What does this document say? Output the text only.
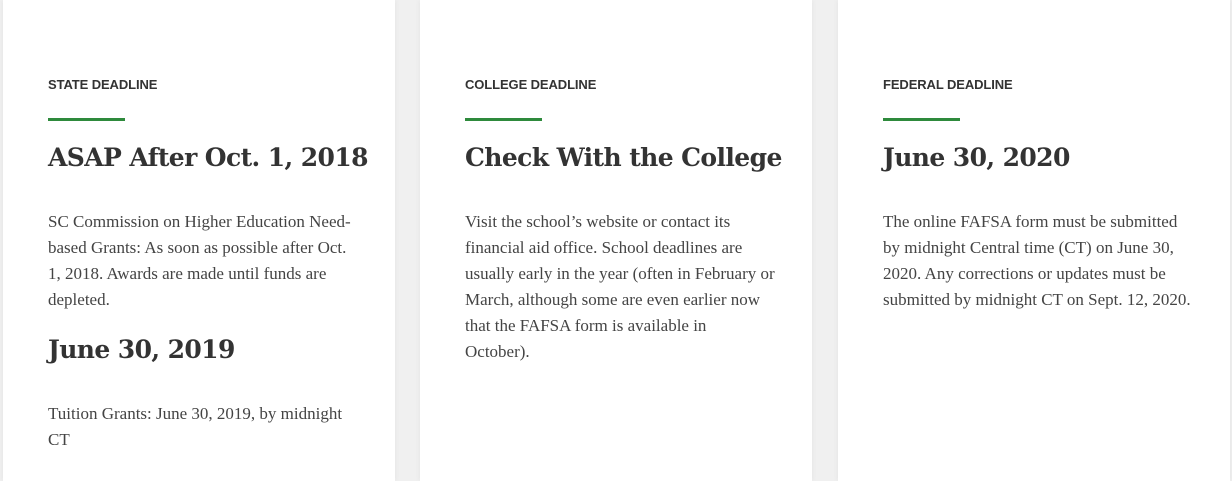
STATE DEADLINE

ASAP After Oct. 1, 2018

SC Commission on Higher Education Need-based Grants: As soon as possible after Oct. 1, 2018. Awards are made until funds are depleted.

June 30, 2019

Tuition Grants: June 30, 2019, by midnight CT

COLLEGE DEADLINE

Check With the College

Visit the school’s website or contact its financial aid office. School deadlines are usually early in the year (often in February or March, although some are even earlier now that the FAFSA form is available in October).

FEDERAL DEADLINE

June 30, 2020

The online FAFSA form must be submitted by midnight Central time (CT) on June 30, 2020. Any corrections or updates must be submitted by midnight CT on Sept. 12, 2020.
